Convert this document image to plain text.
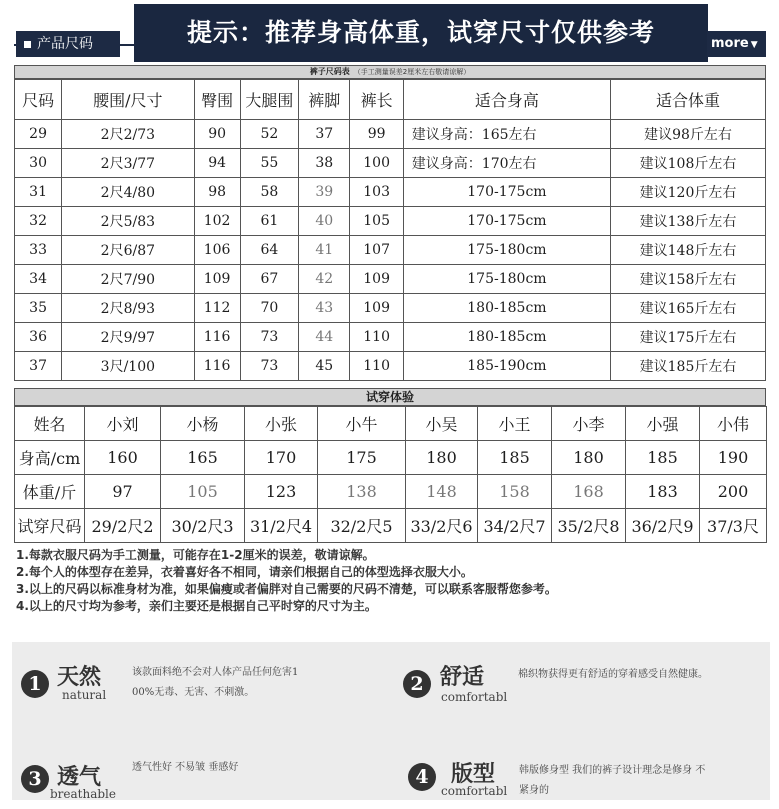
产品尺码	提示：推荐身高体重，试穿尺寸仅供参考	more ▼
裤子尺码表 （手工测量误差2厘米左右敬请谅解）
尺码	腰围/尺寸	臀围	大腿围	裤脚	裤长	适合身高	适合体重
29	2尺2/73	90	52	37	99	建议身高：165左右	建议98斤左右
30	2尺3/77	94	55	38	100	建议身高：170左右	建议108斤左右
31	2尺4/80	98	58	39	103	170-175cm	建议120斤左右
32	2尺5/83	102	61	40	105	170-175cm	建议138斤左右
33	2尺6/87	106	64	41	107	175-180cm	建议148斤左右
34	2尺7/90	109	67	42	109	175-180cm	建议158斤左右
35	2尺8/93	112	70	43	109	180-185cm	建议165斤左右
36	2尺9/97	116	73	44	110	180-185cm	建议175斤左右
37	3尺/100	116	73	45	110	185-190cm	建议185斤左右
试穿体验
姓名	小刘	小杨	小张	小牛	小吴	小王	小李	小强	小伟
身高/cm	160	165	170	175	180	185	180	185	190
体重/斤	97	105	123	138	148	158	168	183	200
试穿尺码	29/2尺2	30/2尺3	31/2尺4	32/2尺5	33/2尺6	34/2尺7	35/2尺8	36/2尺9	37/3尺
1.每款衣服尺码为手工测量，可能存在1-2厘米的误差，敬请谅解。
2.每个人的体型存在差异，衣着喜好各不相同，请亲们根据自己的体型选择衣服大小。
3.以上的尺码以标准身材为准，如果偏瘦或者偏胖对自己需要的尺码不清楚，可以联系客服帮您参考。
4.以上的尺寸均为参考，亲们主要还是根据自己平时穿的尺寸为主。
1 天然
natural
该款面料绝不会对人体产品任何危害1
00%无毒、无害、不刺激。	2 舒适
comfortabl
棉织物获得更有舒适的穿着感受自然健康。
3 透气
breathable
透气性好 不易皱 垂感好	4	版型
comfortabl
韩版修身型 我们的裤子设计理念是修身 不
紧身的
